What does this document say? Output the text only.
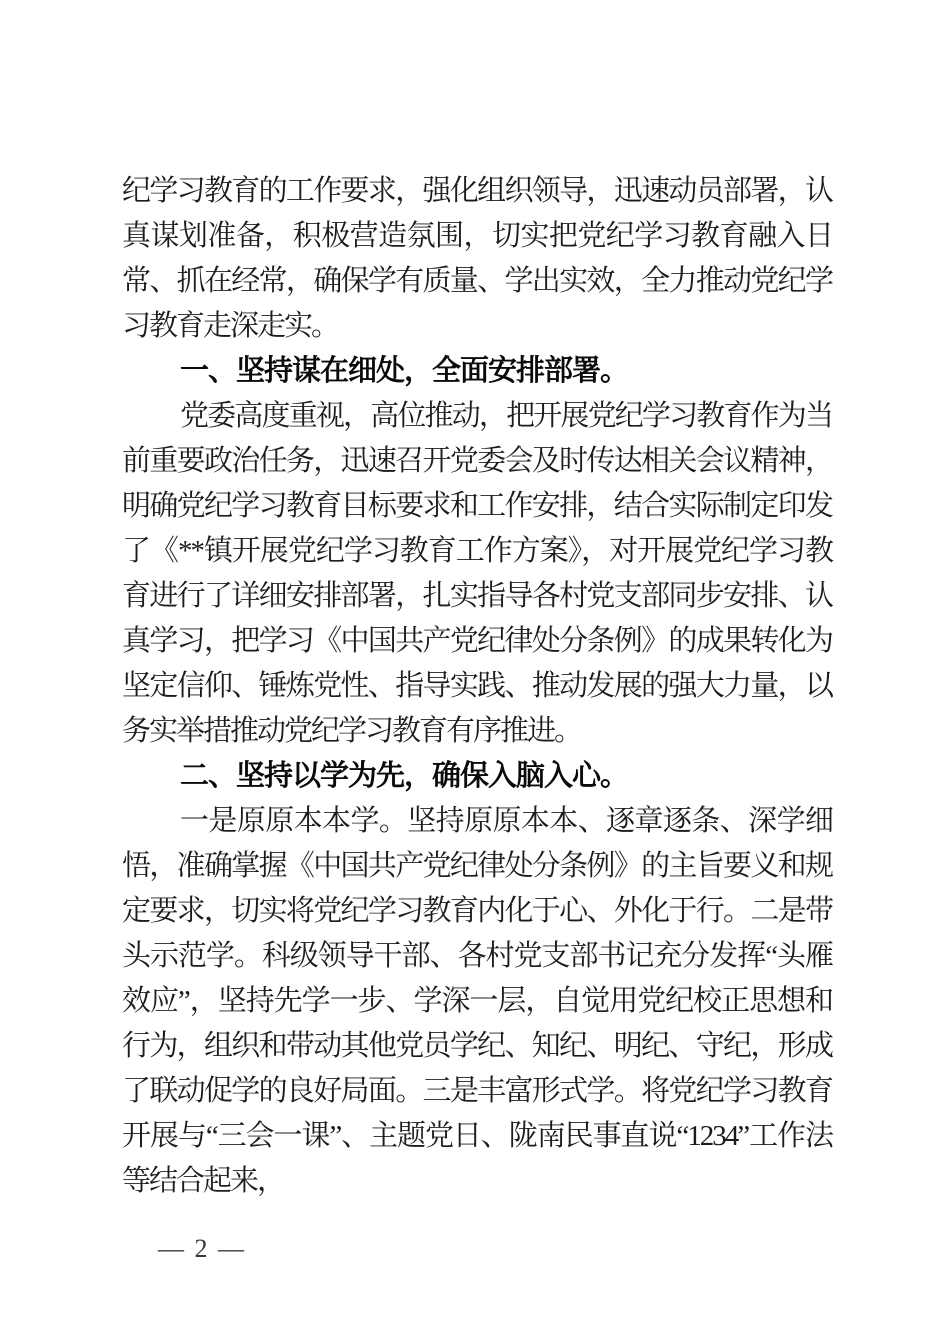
纪学习教育的工作要求，强化组织领导，迅速动员部署，认真谋划准备，积极营造氛围，切实把党纪学习教育融入日常、抓在经常，确保学有质量、学出实效，全力推动党纪学习教育走深走实。

一、坚持谋在细处，全面安排部署。

党委高度重视，高位推动，把开展党纪学习教育作为当前重要政治任务，迅速召开党委会及时传达相关会议精神，明确党纪学习教育目标要求和工作安排，结合实际制定印发了《**镇开展党纪学习教育工作方案》，对开展党纪学习教育进行了详细安排部署，扎实指导各村党支部同步安排、认真学习，把学习《中国共产党纪律处分条例》的成果转化为坚定信仰、锤炼党性、指导实践、推动发展的强大力量，以务实举措推动党纪学习教育有序推进。

二、坚持以学为先，确保入脑入心。

一是原原本本学。坚持原原本本、逐章逐条、深学细悟，准确掌握《中国共产党纪律处分条例》的主旨要义和规定要求，切实将党纪学习教育内化于心、外化于行。二是带头示范学。科级领导干部、各村党支部书记充分发挥“头雁效应”，坚持先学一步、学深一层，自觉用党纪校正思想和行为，组织和带动其他党员学纪、知纪、明纪、守纪，形成了联动促学的良好局面。三是丰富形式学。将党纪学习教育开展与“三会一课”、主题党日、陇南民事直说“1234”工作法等结合起来，

— 2 —
